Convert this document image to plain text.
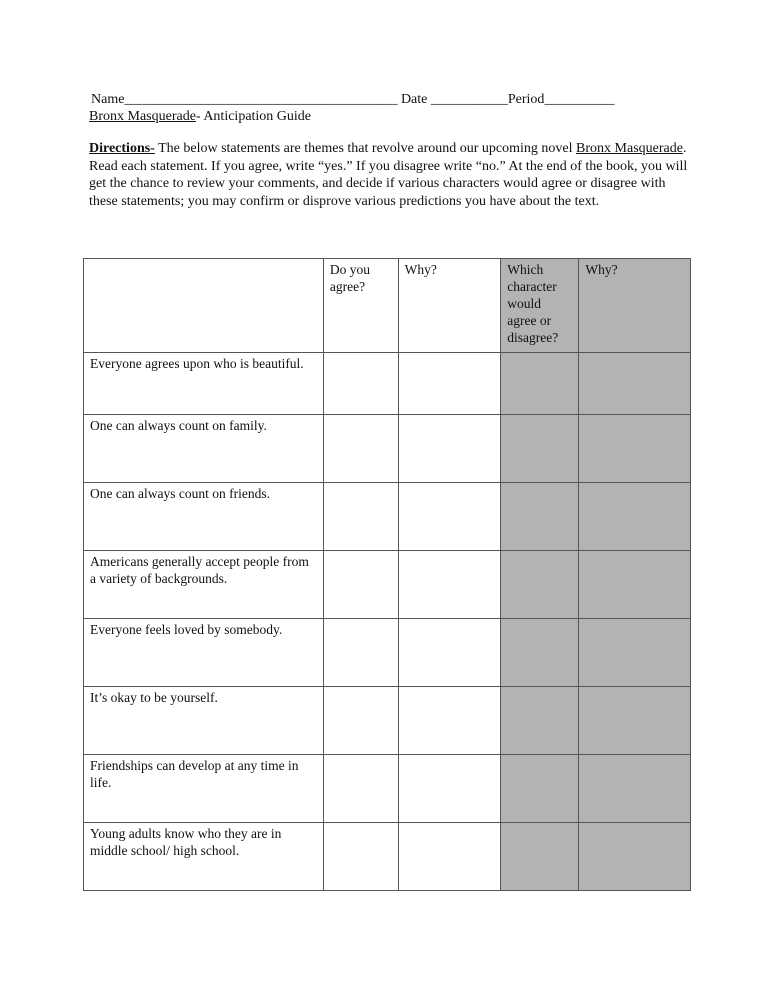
Name_______________________________________ Date ___________Period__________
Bronx Masquerade- Anticipation Guide
Directions- The below statements are themes that revolve around our upcoming novel Bronx Masquerade. Read each statement. If you agree, write “yes.” If you disagree write “no.” At the end of the book, you will get the chance to review your comments, and decide if various characters would agree or disagree with these statements; you may confirm or disprove various predictions you have about the text.
	Do you agree?	Why?	Which character would agree or disagree?	Why?
Everyone agrees upon who is beautiful.				
One can always count on family.				
One can always count on friends.				
Americans generally accept people from a variety of backgrounds.				
Everyone feels loved by somebody.				
It’s okay to be yourself.				
Friendships can develop at any time in life.				
Young adults know who they are in middle school/ high school.				
